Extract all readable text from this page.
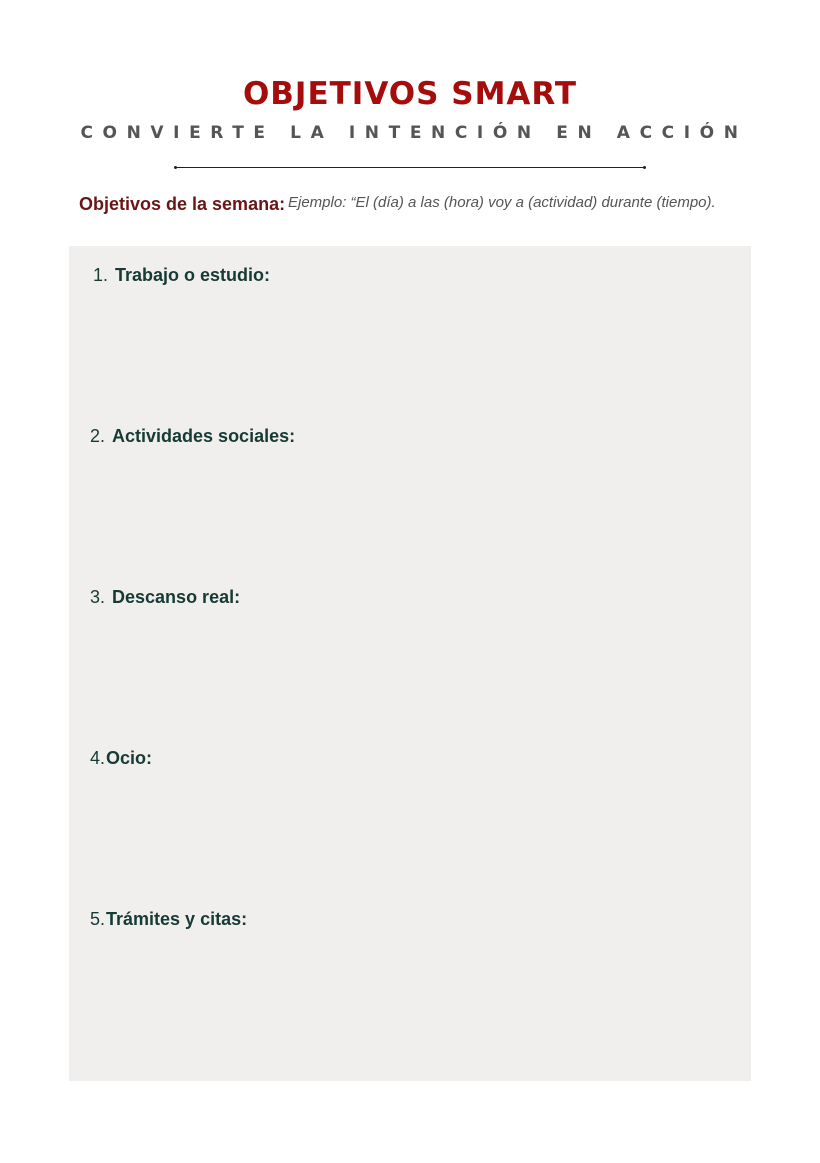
OBJETIVOS SMART
CONVIERTE LA INTENCIÓN EN ACCIÓN
Objetivos de la semana: Ejemplo: “El (día) a las (hora) voy a (actividad) durante (tiempo).
1. Trabajo o estudio:
2. Actividades sociales:
3. Descanso real:
4. Ocio:
5. Trámites y citas:
